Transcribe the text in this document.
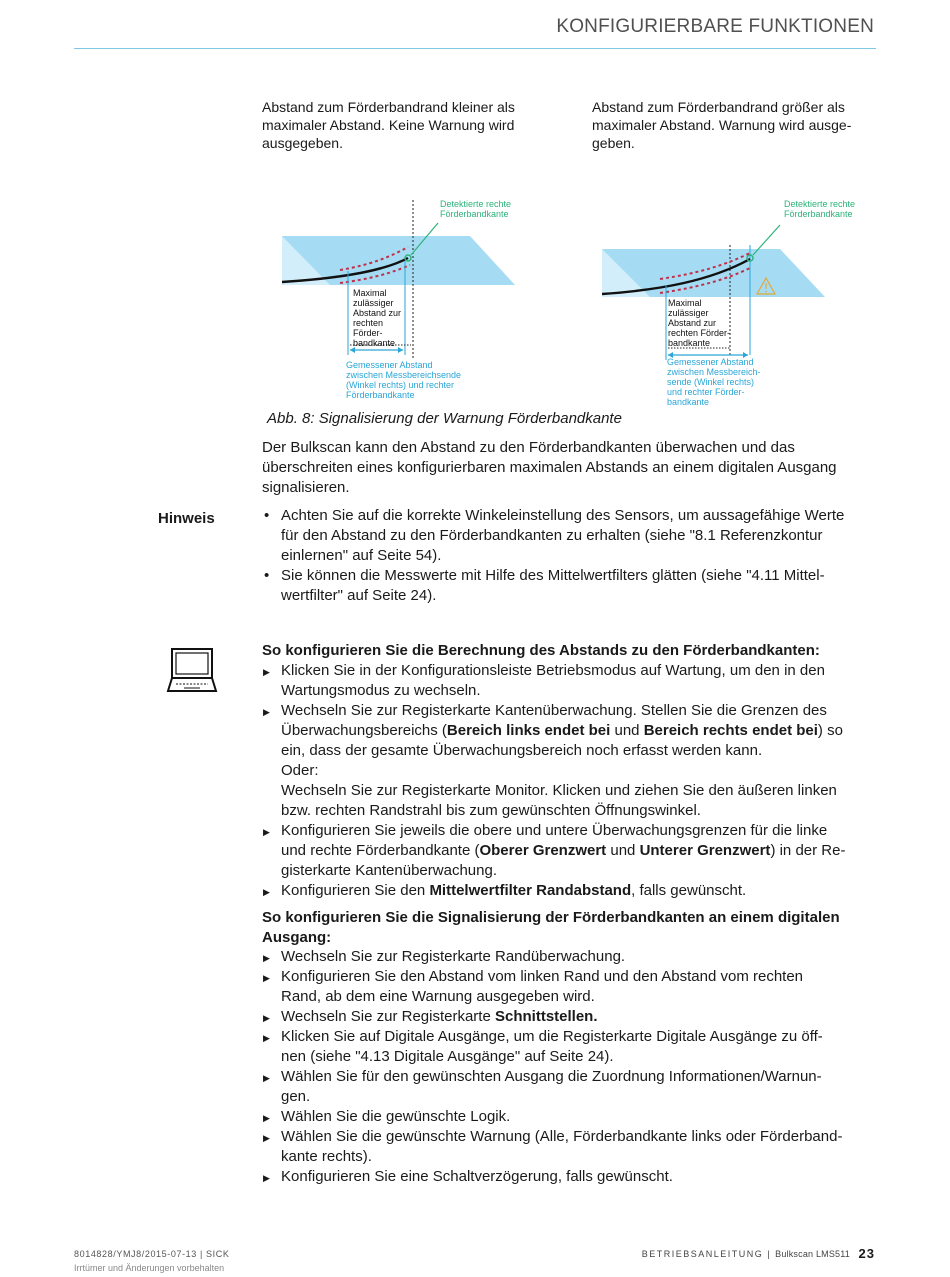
KONFIGURIERBARE FUNKTIONEN
Abstand zum Förderbandrand kleiner als
maximaler Abstand. Keine Warnung wird
ausgegeben.
Abstand zum Förderbandrand größer als
maximaler Abstand. Warnung wird ausge-
geben.
Detektierte rechte
Förderbandkante
Maximal
zulässiger
Abstand zur
rechten
Förder-
bandkante
Gemessener Abstand
zwischen Messbereichsende
(Winkel rechts) und rechter
Förderbandkante
Detektierte rechte
Förderbandkante
Maximal
zulässiger
Abstand zur
rechten Förder-
bandkante
Gemessener Abstand
zwischen Messbereich-
sende (Winkel rechts)
und rechter Förder-
bandkante
Abb. 8: Signalisierung der Warnung Förderbandkante
Der Bulkscan kann den Abstand zu den Förderbandkanten überwachen und das
überschreiten eines konfigurierbaren maximalen Abstands an einem digitalen Ausgang
signalisieren.
Hinweis
•	Achten Sie auf die korrekte Winkeleinstellung des Sensors, um aussagefähige Werte
für den Abstand zu den Förderbandkanten zu erhalten (siehe "8.1 Referenzkontur
einlernen" auf Seite 54).
• Sie können die Messwerte mit Hilfe des Mittelwertfilters glätten (siehe "4.11 Mittel-
wertfilter" auf Seite 24).
So konfigurieren Sie die Berechnung des Abstands zu den Förderbandkanten:
▶ Klicken Sie in der Konfigurationsleiste Betriebsmodus auf Wartung, um den in den
Wartungsmodus zu wechseln.
▶ Wechseln Sie zur Registerkarte Kantenüberwachung. Stellen Sie die Grenzen des
Überwachungsbereichs (Bereich links endet bei und Bereich rechts endet bei) so
ein, dass der gesamte Überwachungsbereich noch erfasst werden kann.
Oder:
Wechseln Sie zur Registerkarte Monitor. Klicken und ziehen Sie den äußeren linken
bzw. rechten Randstrahl bis zum gewünschten Öffnungswinkel.
▶ Konfigurieren Sie jeweils die obere und untere Überwachungsgrenzen für die linke
und rechte Förderbandkante (Oberer Grenzwert und Unterer Grenzwert) in der Re-
gisterkarte Kantenüberwachung.
▶ Konfigurieren Sie den Mittelwertfilter Randabstand, falls gewünscht.
So konfigurieren Sie die Signalisierung der Förderbandkanten an einem digitalen
Ausgang:
▶ Wechseln Sie zur Registerkarte Randüberwachung.
▶ Konfigurieren Sie den Abstand vom linken Rand und den Abstand vom rechten
Rand, ab dem eine Warnung ausgegeben wird.
▶ Wechseln Sie zur Registerkarte Schnittstellen.
▶ Klicken Sie auf Digitale Ausgänge, um die Registerkarte Digitale Ausgänge zu öff-
nen (siehe "4.13 Digitale Ausgänge" auf Seite 24).
▶ Wählen Sie für den gewünschten Ausgang die Zuordnung Informationen/Warnun-
gen.
▶ Wählen Sie die gewünschte Logik.
▶ Wählen Sie die gewünschte Warnung (Alle, Förderbandkante links oder Förderband-
kante rechts).
▶ Konfigurieren Sie eine Schaltverzögerung, falls gewünscht.
8014828/YMJ8/2015-07-13 | SICK
Irrtümer und Änderungen vorbehalten
BETRIEBSANLEITUNG | Bulkscan LMS511 23
